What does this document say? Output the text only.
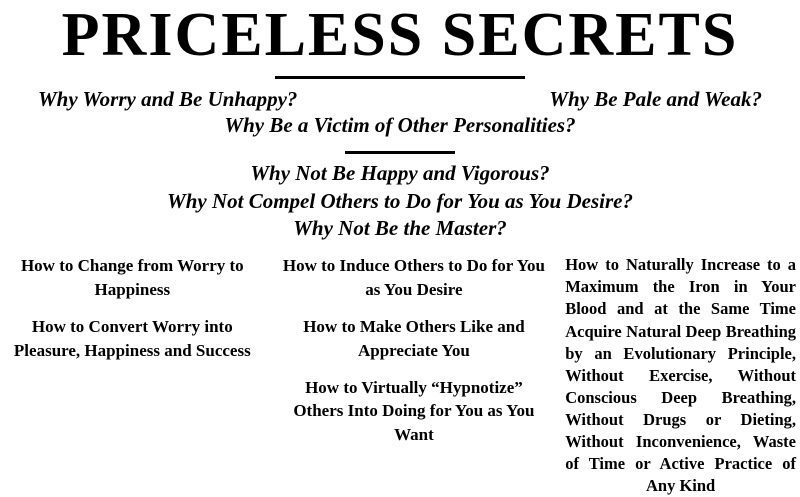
PRICELESS SECRETS
Why Worry and Be Unhappy?	Why Be Pale and Weak?
Why Be a Victim of Other Personalities?
Why Not Be Happy and Vigorous?
Why Not Compel Others to Do for You as You Desire?
Why Not Be the Master?
How to Change from Worry to Happiness
How to Convert Worry into Pleasure, Happiness and Success
How to Induce Others to Do for You as You Desire
How to Make Others Like and Appreciate You
How to Virtually “Hypnotize” Others Into Doing for You as You Want

How to Naturally Increase to a Maximum the Iron in Your Blood and at the Same Time Acquire Natural Deep Breathing by an Evolutionary Principle, Without Exercise, Without Conscious Deep Breathing, Without Drugs or Dieting, Without Inconvenience, Waste of Time or Active Practice of Any Kind
